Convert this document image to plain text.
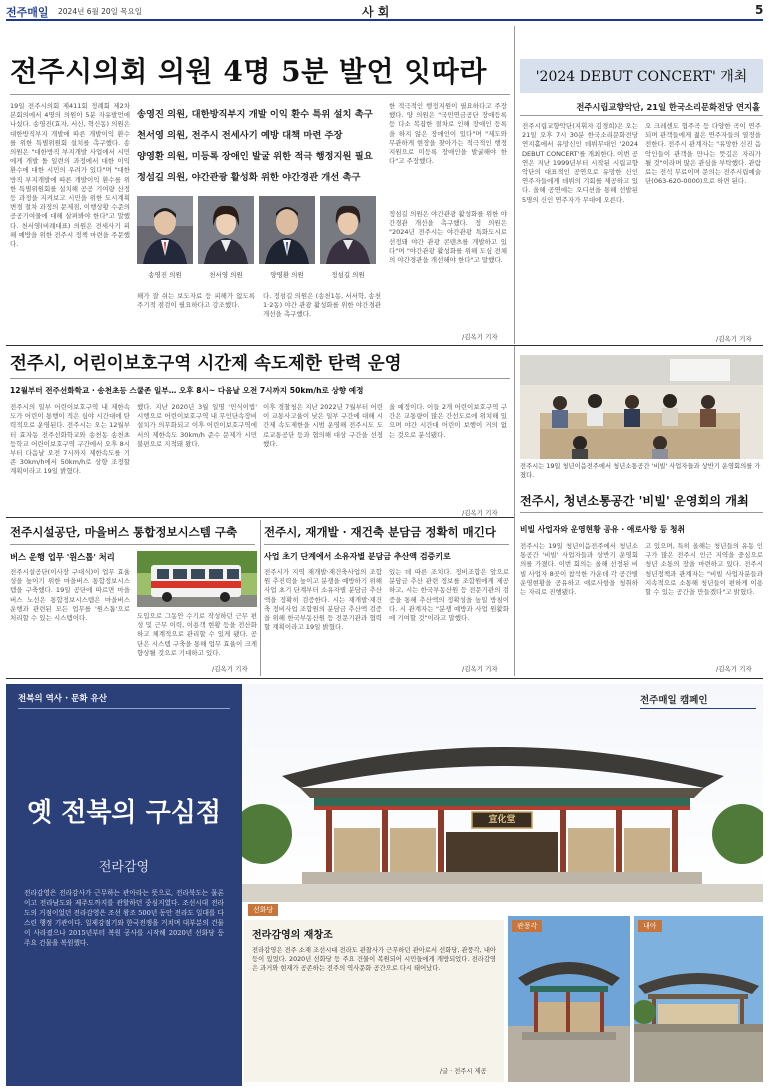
전주매일 2024년 6월 20일 목요일	사 회	5
전주시의회 의원 4명 5분 발언 잇따라
송영진 의원, 대한방직부지 개발 이익 환수 특위 설치 촉구
천서영 의원, 전주시 전세사기 예방 대책 마련 주장
양영환 의원, 미등록 장애인 발굴 위한 적극 행정지원 필요
정섬길 의원, 야간관광 활성화 위한 야간경관 개선 촉구
19일 전주시의회 제411회 정례회 제2차 본회의에서 4명의 의원이 5분 자유발언에 나섰다. 송영진(효자, 서신, 혁신동) 의원은 대한방직부지 개발에 따른 개발이익 환수를 위한 특별위원회 설치를 촉구했다. 송 의원은 "대한방직 부지개발 사업에서 시민에게 개발 돌 일련의 과정에서 대한 이익 환수에 대한 시민의 우려가 있다"며 "대한방직 부지개발에 따른 개발이익 환수를 위한 특별위원회를 설치해 공공 기여량 산정 등 과정을 지켜보고 시민을 위한 도시계획변경 절차 과정의 문제점, 이행상황 수준의 공공기여물에 대해 살펴봐야 한다"고 말했다. 천서영(비례대표) 의원은 전세사기 피해 예방을 위한 전주시 정책 마련을 주문했다.
송영진 의원	천서영 의원	양영환 의원	정섬길 의원
해가 잘 쉬는 보도자료 등 피해가 없도록 주기적 점검이 필요하다고 강조했다.
다. 정섬길 의원은 (송천1동, 서서학, 송천1·2동) 야간 관광 활성화를 위한 야간경관 개선을 촉구했다.
한 적극적인 행정지원이 필요하다고 주장했다. 양 의원은 "국민연금공단 장애등록 등 다소 복잡한 절차로 인해 장애인 등록을 하지 않은 장애인이 있다"며 "제도와 무관하게 현장을 찾아가는 적극적인 행정지원으로 미등록 장애인을 발굴해야 한다"고 주장했다.
정섬길 의원은 야간관광 활성화를 위한 야간경관 개선을 촉구했다. 정 의원은 "2024년 전주시는 야간관광 특화도시로 선정돼 야간 관광 콘텐츠를 개발하고 있다"며 "야간관광 활성화를 위해 도심 전체의 야간경관을 개선해야 한다"고 말했다.
/김옥기 기자
'2024 DEBUT CONCERT' 개최
전주시립교향악단, 21일 한국소리문화전당 연지홀
전주시립교향악단(지휘자 김경희)은 오는 21일 오후 7시 30분 한국소리문화전당 연지홀에서 유망신인 데뷔무대인 '2024 DEBUT CONCERT'를 개최한다. 이번 공연은 지난 1999년부터 시작된 시립교향악단의 대표적인 공연으로 유망한 신인 연주자들에게 데뷔의 기회를 제공하고 있다. 올해 공연에는 오디션을 통해 선발된 5명의 신인 연주자가 무대에 오른다.
오 크레센도 협주곡 등 다양한 곡이 연주되며 관객들에게 젊은 연주자들의 열정을 전한다. 전주시 관계자는 "유망한 신진 음악인들이 관객을 만나는 뜻깊은 자리가 될 것"이라며 많은 관심을 부탁했다. 관람료는 전석 무료이며 문의는 전주시립예술단(063-620-0000)으로 하면 된다.
/김옥기 기자
전주시, 어린이보호구역 시간제 속도제한 탄력 운영
12월부터 전주선화학교 · 송천초등 스쿨존 일부… 오후 8시~ 다음날 오전 7시까지 50km/h로 상향 예정
전주시의 일부 어린이보호구역 내 제한속도가 어린이 통행이 적은 심야 시간대에 탄력적으로 운영된다. 전주시는 오는 12월부터 효자동 전주선화학교와 송천동 송천초등학교 어린이보호구역 구간에서 오후 8시부터 다음날 오전 7시까지 제한속도를 기존 30km/h에서 50km/h로 상향 조정할 계획이라고 19일 밝혔다.
했다. 지난 2020년 3월 일명 '민식이법' 시행으로 어린이보호구역 내 무인단속장비 설치가 의무화되고 이후 어린이보호구역에서의 제한속도 30km/h 준수 문제가 시민 불편으로 지적돼 왔다.
이후 경찰청은 지난 2022년 7월부터 어린이 교통사고율이 낮은 일부 구간에 대해 시간제 속도제한을 시범 운영해 전주시도 도로교통공단 등과 협의해 대상 구간을 선정했다.
올 예정이다. 이들 2개 어린이보호구역 구간은 교통량이 많은 간선도로에 위치해 있으며 야간 시간대 어린이 보행이 거의 없는 것으로 분석됐다.
/김옥기 기자
전주시는 19일 청년이음전주에서 청년소통공간 '비빌' 사업자들과 상반기 운영회의를 가졌다.
전주시, 청년소통공간 '비빌' 운영회의 개최
전주시설공단, 마을버스 통합정보시스템 구축
버스 운행 업무 '원스톱' 처리
전주시설공단(이사장 구대식)이 업무 효율성을 높이기 위한 마을버스 통합정보시스템을 구축했다. 19일 공단에 따르면 마을버스 노선은 통합정보시스템은 마을버스 운행과 관련된 모든 업무를 '원스톱'으로 처리할 수 있는 시스템이다.	도입으로 그동안 수기로 작성하던 근무 편성 및 근무 이력, 이용객 현황 등을 전산화하고 체계적으로 관리할 수 있게 됐다. 공단은 시스템 구축을 통해 업무 효율이 크게 향상될 것으로 기대하고 있다.
/김옥기 기자
전주시, 재개발 · 재건축 분담금 정확히 매긴다
사업 초기 단계에서 소유자별 분담금 추산액 검증키로
전주시가 지역 재개발·재건축사업의 조합원 추진력을 높이고 분쟁을 예방하기 위해 사업 초기 단계부터 소유자별 분담금 추산액을 정확히 검증한다. 시는 재개발·재건축 정비사업 조합원의 분담금 추산액 검증을 위해 한국부동산원 등 전문기관과 협력할 계획이라고 19일 밝혔다.
있는 데 따른 조치다. 정비조합은 앞으로 분담금 추산 관련 정보를 조합원에게 제공하고, 시는 한국부동산원 등 전문기관의 검증을 통해 추산액의 정확성을 높일 방침이다. 시 관계자는 "분쟁 예방과 사업 원활화에 기여할 것"이라고 말했다.
/김옥기 기자
비빌 사업자와 운영현황 공유 · 애로사항 등 청취
전주시는 19일 청년이음전주에서 청년소통공간 '비빌' 사업자들과 상반기 운영회의를 가졌다. 이번 회의는 올해 선정된 비빌 사업자 8곳이 참석한 가운데 각 공간별 운영현황을 공유하고 애로사항을 청취하는 자리로 진행됐다.
고 있으며, 특히 올해는 청년들의 유동 인구가 많은 전주시 인근 지역을 중심으로 청년 소통의 장을 마련하고 있다. 전주시 청년정책과 관계자는 "비빌 사업자분들과 지속적으로 소통해 청년들이 편하게 이용할 수 있는 공간을 만들겠다"고 밝혔다.
/김옥기 기자
전북의 역사 · 문화 유산
옛 전북의 구심점
전라감영
전라감영은 전라감사가 근무하는 관아라는 뜻으로, 전라북도는 물론이고 전라남도와 제주도까지를 관할하던 중심지였다. 조선시대 전라도의 거점이었던 전라감영은 조선 왕조 500년 동안 전라도 일대를 다스린 행정 기관이다. 일제강점기와 한국전쟁을 거치며 대부분의 건물이 사라졌으나 2015년부터 복원 공사를 시작해 2020년 선화당 등 주요 건물을 복원했다.
宣化堂
전주매일 캠페인
선화당
전라감영의 재창조
전라감영은 전주 소재 조선시대 전라도 관찰사가 근무하던 관아로서 선화당, 관풍각, 내아 등이 있었다. 2020년 선화당 등 주요 건물이 복원되어 시민들에게 개방되었다. 전라감영은 과거와 현재가 공존하는 전주의 역사문화 공간으로 다시 태어났다.
/글 · 전주시 제공
관풍각	내아
